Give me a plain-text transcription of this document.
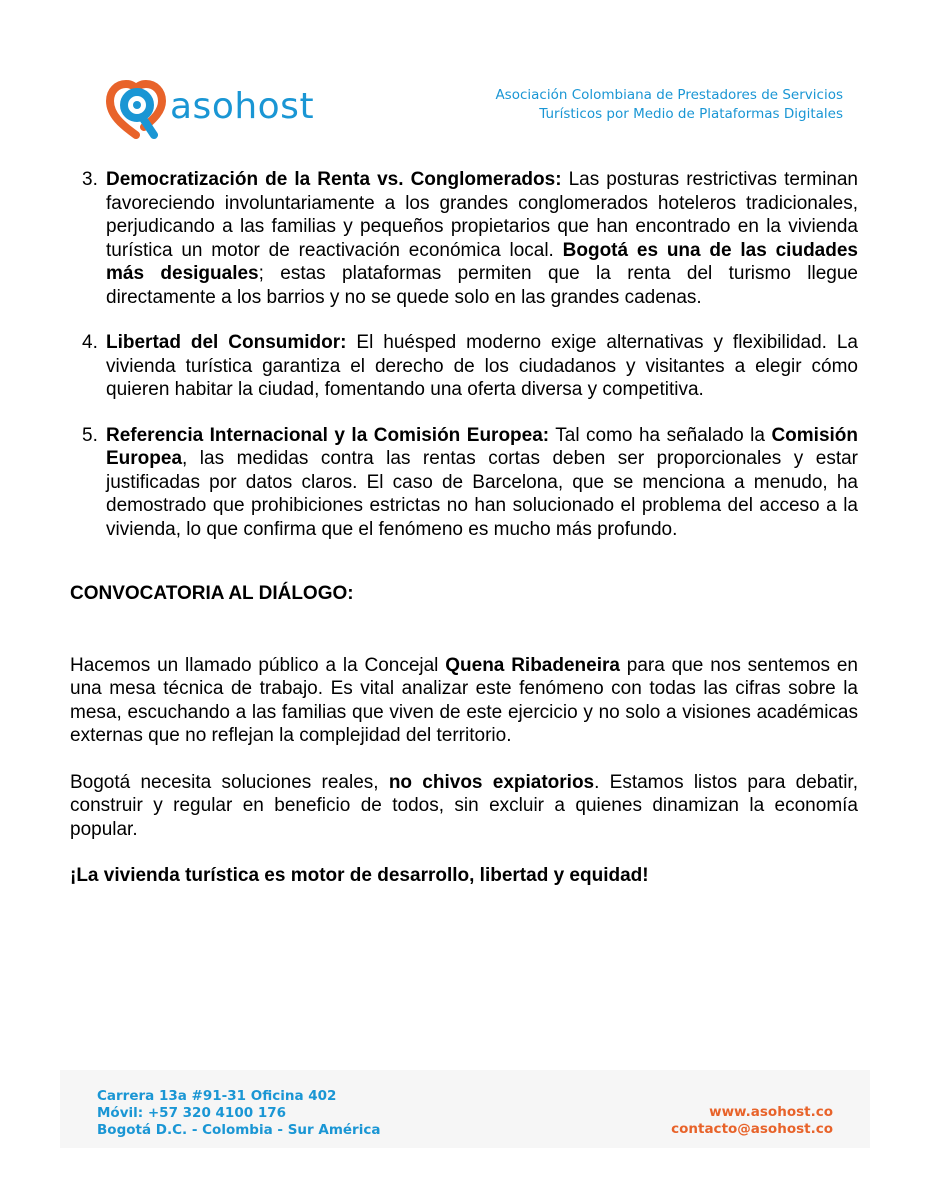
asohost	Asociación Colombiana de Prestadores de Servicios
Turísticos por Medio de Plataformas Digitales
3. Democratización de la Renta vs. Conglomerados: Las posturas restrictivas terminan favoreciendo involuntariamente a los grandes conglomerados hoteleros tradicionales, perjudicando a las familias y pequeños propietarios que han encontrado en la vivienda turística un motor de reactivación económica local. Bogotá es una de las ciudades más desiguales; estas plataformas permiten que la renta del turismo llegue directamente a los barrios y no se quede solo en las grandes cadenas.
4. Libertad del Consumidor: El huésped moderno exige alternativas y flexibilidad. La vivienda turística garantiza el derecho de los ciudadanos y visitantes a elegir cómo quieren habitar la ciudad, fomentando una oferta diversa y competitiva.
5. Referencia Internacional y la Comisión Europea: Tal como ha señalado la Comisión Europea, las medidas contra las rentas cortas deben ser proporcionales y estar justificadas por datos claros. El caso de Barcelona, que se menciona a menudo, ha demostrado que prohibiciones estrictas no han solucionado el problema del acceso a la vivienda, lo que confirma que el fenómeno es mucho más profundo.
CONVOCATORIA AL DIÁLOGO:

Hacemos un llamado público a la Concejal Quena Ribadeneira para que nos sentemos en una mesa técnica de trabajo. Es vital analizar este fenómeno con todas las cifras sobre la mesa, escuchando a las familias que viven de este ejercicio y no solo a visiones académicas externas que no reflejan la complejidad del territorio.

Bogotá necesita soluciones reales, no chivos expiatorios. Estamos listos para debatir, construir y regular en beneficio de todos, sin excluir a quienes dinamizan la economía popular.

¡La vivienda turística es motor de desarrollo, libertad y equidad!

Carrera 13a #91-31 Oficina 402
Móvil: +57 320 4100 176
Bogotá D.C. - Colombia - Sur América
www.asohost.co
contacto@asohost.co
